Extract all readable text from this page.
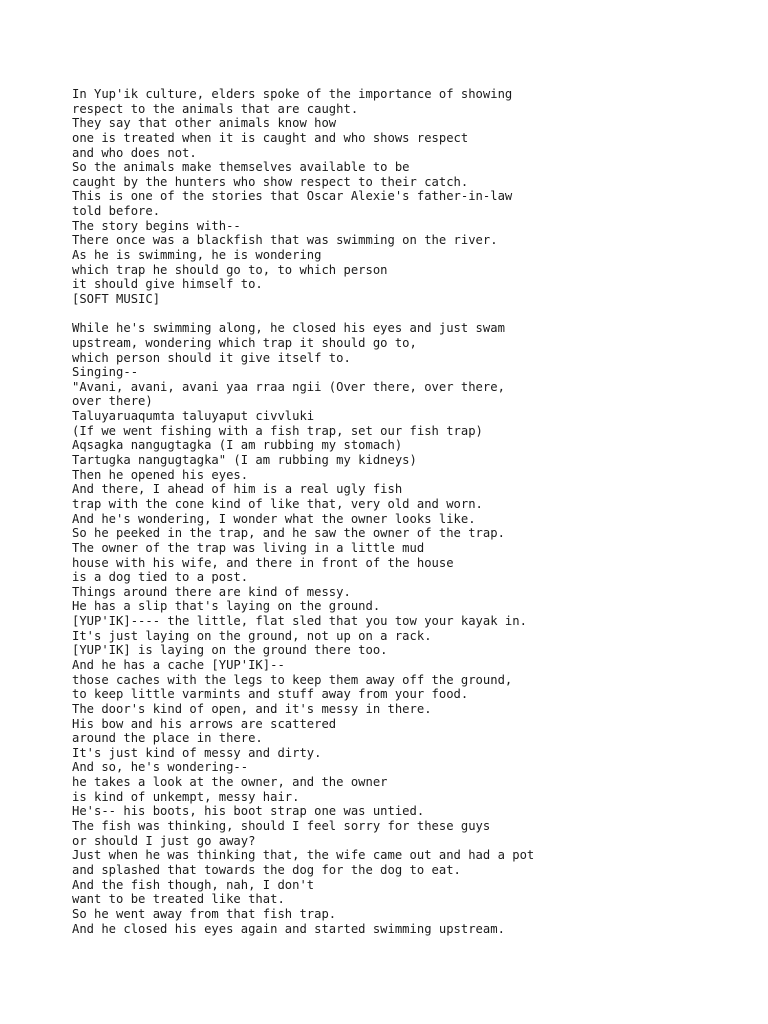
In Yup'ik culture, elders spoke of the importance of showing
respect to the animals that are caught.
They say that other animals know how
one is treated when it is caught and who shows respect
and who does not.
So the animals make themselves available to be
caught by the hunters who show respect to their catch.
This is one of the stories that Oscar Alexie's father-in-law
told before.
The story begins with--
There once was a blackfish that was swimming on the river.
As he is swimming, he is wondering
which trap he should go to, to which person
it should give himself to.
[SOFT MUSIC]
While he's swimming along, he closed his eyes and just swam
upstream, wondering which trap it should go to,
which person should it give itself to.
Singing--
"Avani, avani, avani yaa rraa ngii (Over there, over there,
over there)
Taluyaruaqumta taluyaput civvluki
(If we went fishing with a fish trap, set our fish trap)
Aqsagka nangugtagka (I am rubbing my stomach)
Tartugka nangugtagka" (I am rubbing my kidneys)
Then he opened his eyes.
And there, I ahead of him is a real ugly fish
trap with the cone kind of like that, very old and worn.
And he's wondering, I wonder what the owner looks like.
So he peeked in the trap, and he saw the owner of the trap.
The owner of the trap was living in a little mud
house with his wife, and there in front of the house
is a dog tied to a post.
Things around there are kind of messy.
He has a slip that's laying on the ground.
[YUP'IK]---- the little, flat sled that you tow your kayak in.
It's just laying on the ground, not up on a rack.
[YUP'IK] is laying on the ground there too.
And he has a cache [YUP'IK]--
those caches with the legs to keep them away off the ground,
to keep little varmints and stuff away from your food.
The door's kind of open, and it's messy in there.
His bow and his arrows are scattered
around the place in there.
It's just kind of messy and dirty.
And so, he's wondering--
he takes a look at the owner, and the owner
is kind of unkempt, messy hair.
He's-- his boots, his boot strap one was untied.
The fish was thinking, should I feel sorry for these guys
or should I just go away?
Just when he was thinking that, the wife came out and had a pot
and splashed that towards the dog for the dog to eat.
And the fish though, nah, I don't
want to be treated like that.
So he went away from that fish trap.
And he closed his eyes again and started swimming upstream.
